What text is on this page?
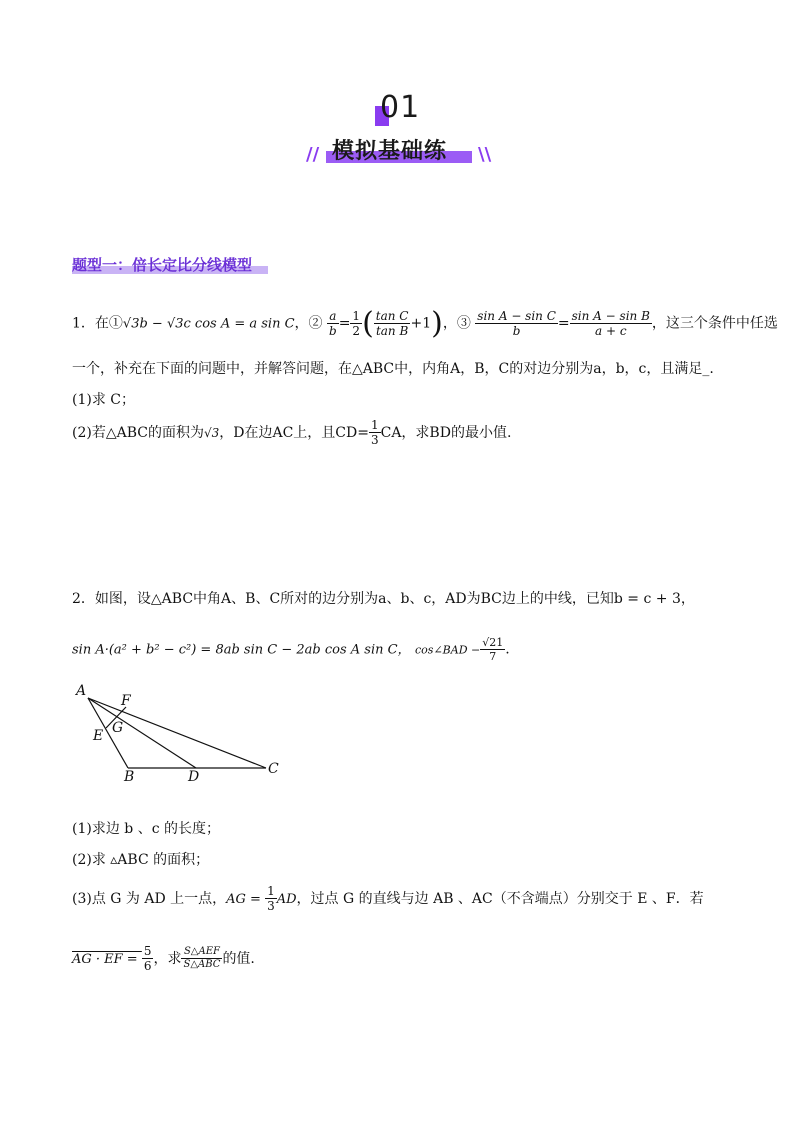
01
// 模拟基础练 \\
题型一：倍长定比分线模型
1．在①√3b − √3c cos A = a sin C，② $\frac{a}{b} = \frac{1}{2}$ ( $\frac{\text{tan C}}{\text{tan B}} +1$)，③ $\frac{\text{sin A − sin C}}{b} = \frac{\text{sin A − sin B}}{a + c}$ ，这三个条件中任选
一个，补充在下面的问题中，并解答问题，在△ABC中，内角A，B，C的对边分别为a，b，c，且满足_.
(1)求 C；
(2)若△ABC的面积为√3，D在边AC上，且$CD= \frac{1}{3}$ CA，求BD的最小值.
2．如图，设△ABC中角A、B、C所对的边分别为a、b、c，AD为BC边上的中线，已知b = c + 3，
sin A·(a² + b² − c²) = 8ab sin C − 2ab cos A sin C， cos∠BAD − $\frac{√21}{7}$ .
A
F
G
E
B	D	C
(1)求边 b 、c 的长度；
(2)求 ▵ABC 的面积；
(3)点 G 为 AD 上一点，AG = $\frac{1}{3}$ AD，过点 G 的直线与边 AB 、AC（不含端点）分别交于 E 、F．若
AG · EF = $\frac{5}{6}$ ，求 $\frac{\text{S△AEF}}{\text{S△ABC}}$ 的值.
